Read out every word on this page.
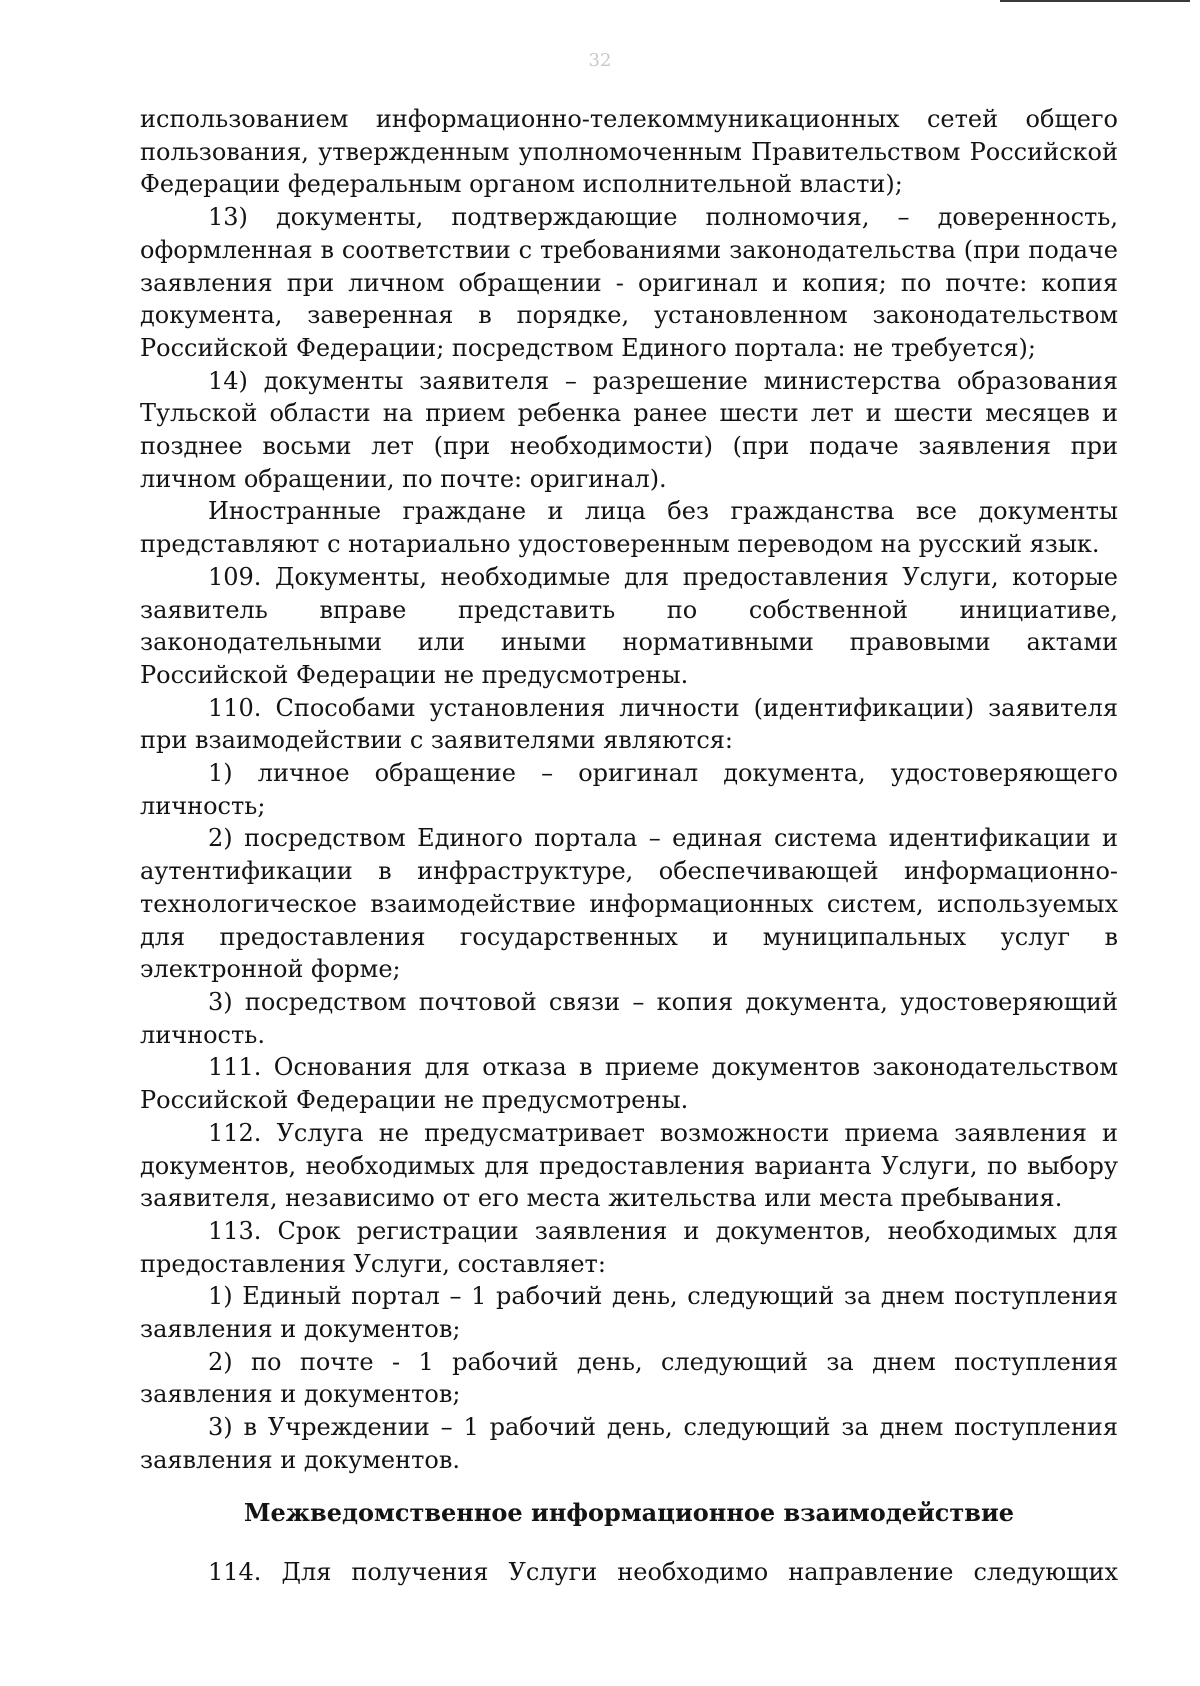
32

использованием информационно-телекоммуникационных сетей общего пользования, утвержденным уполномоченным Правительством Российской Федерации федеральным органом исполнительной власти);

13) документы, подтверждающие полномочия, – доверенность, оформленная в соответствии с требованиями законодательства (при подаче заявления при личном обращении - оригинал и копия; по почте: копия документа, заверенная в порядке, установленном законодательством Российской Федерации; посредством Единого портала: не требуется);

14) документы заявителя – разрешение министерства образования Тульской области на прием ребенка ранее шести лет и шести месяцев и позднее восьми лет (при необходимости) (при подаче заявления при личном обращении, по почте: оригинал).

Иностранные граждане и лица без гражданства все документы представляют с нотариально удостоверенным переводом на русский язык.

109. Документы, необходимые для предоставления Услуги, которые заявитель вправе представить по собственной инициативе, законодательными или иными нормативными правовыми актами Российской Федерации не предусмотрены.

110. Способами установления личности (идентификации) заявителя при взаимодействии с заявителями являются:

1) личное обращение – оригинал документа, удостоверяющего личность;

2) посредством Единого портала – единая система идентификации и аутентификации в инфраструктуре, обеспечивающей информационно-технологическое взаимодействие информационных систем, используемых для предоставления государственных и муниципальных услуг в электронной форме;

3) посредством почтовой связи – копия документа, удостоверяющий личность.

111. Основания для отказа в приеме документов законодательством Российской Федерации не предусмотрены.

112. Услуга не предусматривает возможности приема заявления и документов, необходимых для предоставления варианта Услуги, по выбору заявителя, независимо от его места жительства или места пребывания.

113. Срок регистрации заявления и документов, необходимых для предоставления Услуги, составляет:

1) Единый портал – 1 рабочий день, следующий за днем поступления заявления и документов;

2) по почте - 1 рабочий день, следующий за днем поступления заявления и документов;

3) в Учреждении – 1 рабочий день, следующий за днем поступления заявления и документов.

Межведомственное информационное взаимодействие

114. Для получения Услуги необходимо направление следующих
